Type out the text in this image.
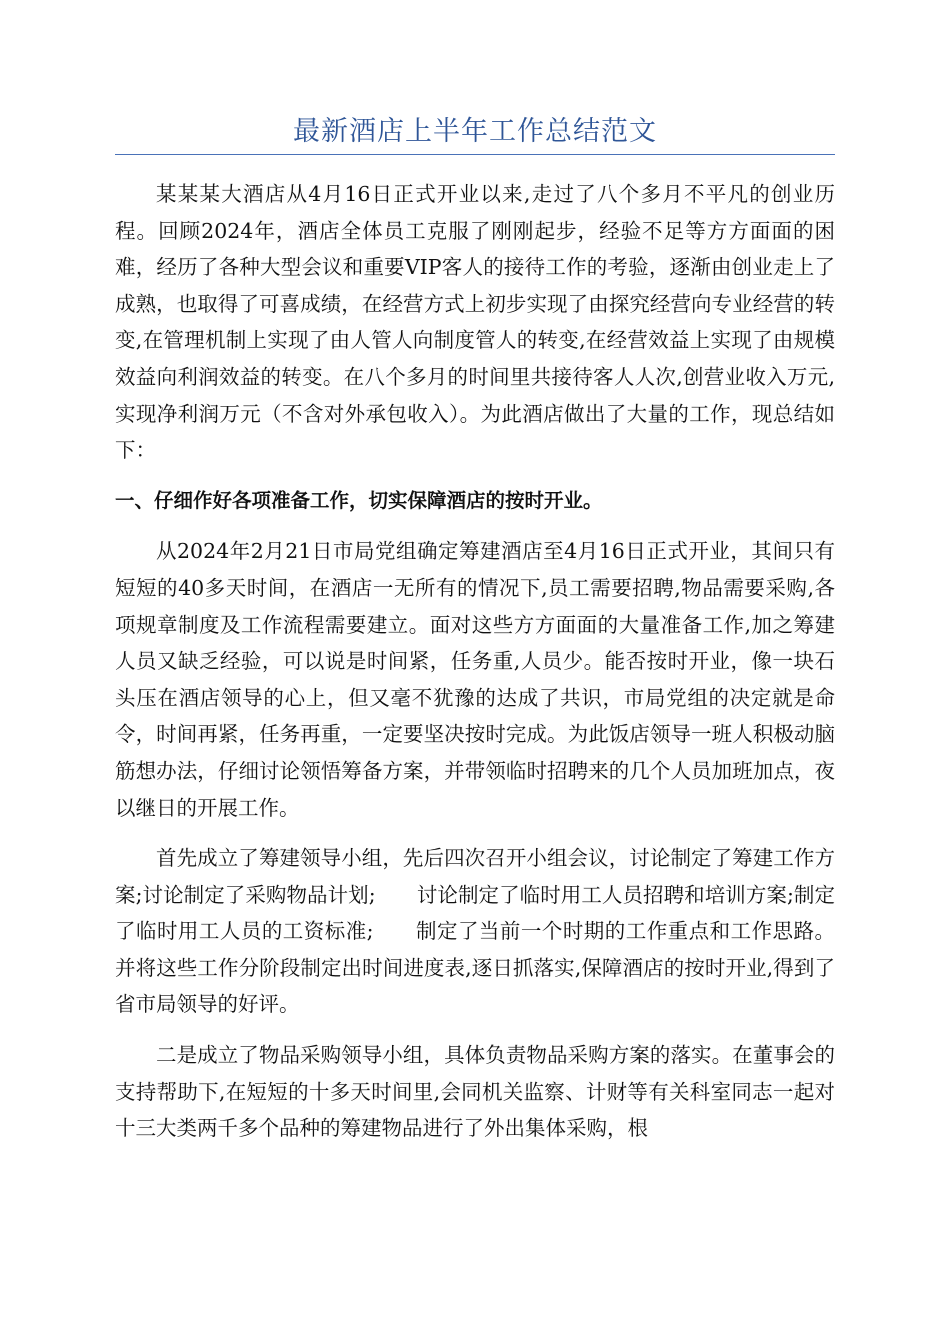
最新酒店上半年工作总结范文

某某某大酒店从4月16日正式开业以来,走过了八个多月不平凡的创业历程。回顾2024年，酒店全体员工克服了刚刚起步，经验不足等方方面面的困难，经历了各种大型会议和重要VIP客人的接待工作的考验，逐渐由创业走上了成熟，也取得了可喜成绩，在经营方式上初步实现了由探究经营向专业经营的转变,在管理机制上实现了由人管人向制度管人的转变,在经营效益上实现了由规模效益向利润效益的转变。在八个多月的时间里共接待客人人次,创营业收入万元,实现净利润万元（不含对外承包收入）。为此酒店做出了大量的工作，现总结如下：

一、仔细作好各项准备工作，切实保障酒店的按时开业。

从2024年2月21日市局党组确定筹建酒店至4月16日正式开业，其间只有短短的40多天时间，在酒店一无所有的情况下,员工需要招聘,物品需要采购,各项规章制度及工作流程需要建立。面对这些方方面面的大量准备工作,加之筹建人员又缺乏经验，可以说是时间紧，任务重,人员少。能否按时开业，像一块石头压在酒店领导的心上，但又毫不犹豫的达成了共识，市局党组的决定就是命令，时间再紧，任务再重，一定要坚决按时完成。为此饭店领导一班人积极动脑筋想办法，仔细讨论领悟筹备方案，并带领临时招聘来的几个人员加班加点，夜以继日的开展工作。

首先成立了筹建领导小组，先后四次召开小组会议，讨论制定了筹建工作方案;讨论制定了采购物品计划;　　讨论制定了临时用工人员招聘和培训方案;制定了临时用工人员的工资标准;　　制定了当前一个时期的工作重点和工作思路。并将这些工作分阶段制定出时间进度表,逐日抓落实,保障酒店的按时开业,得到了省市局领导的好评。

二是成立了物品采购领导小组，具体负责物品采购方案的落实。在董事会的支持帮助下,在短短的十多天时间里,会同机关监察、计财等有关科室同志一起对十三大类两千多个品种的筹建物品进行了外出集体采购，根
